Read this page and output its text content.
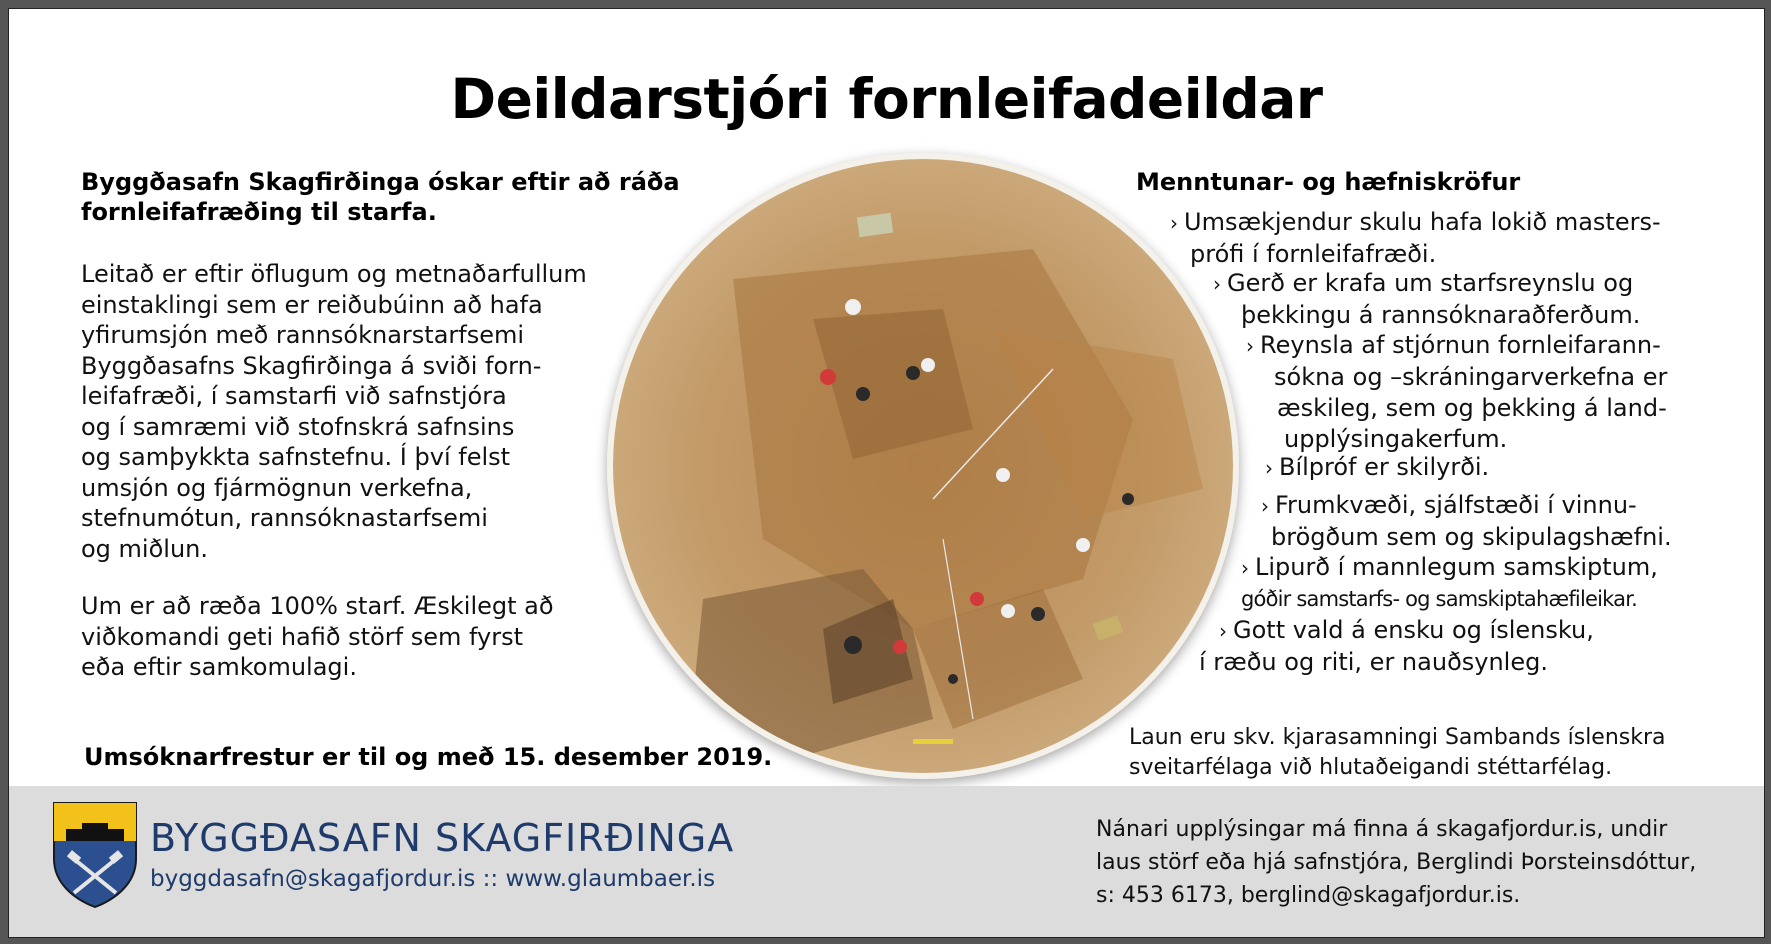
Deildarstjóri fornleifadeildar
Byggðasafn Skagfirðinga óskar eftir að ráða fornleifafræðing til starfa.
Leitað er eftir öflugum og metnaðarfullum
einstaklingi sem er reiðubúinn að hafa
yfirumsjón með rannsóknarstarfsemi
Byggðasafns Skagfirðinga á sviði forn-
leifafræði, í samstarfi við safnstjóra
og í samræmi við stofnskrá safnsins
og samþykkta safnstefnu. Í því felst
umsjón og fjármögnun verkefna,
stefnumótun, rannsóknastarfsemi
og miðlun.
Um er að ræða 100% starf. Æskilegt að
viðkomandi geti hafið störf sem fyrst
eða eftir samkomulagi.
Umsóknarfrestur er til og með 15. desember 2019.
Menntunar- og hæfniskröfur
› Umsækjendur skulu hafa lokið masters-
prófi í fornleifafræði.
› Gerð er krafa um starfsreynslu og
þekkingu á rannsóknaraðferðum.
› Reynsla af stjórnun fornleifarann-
sókna og –skráningarverkefna er
æskileg, sem og þekking á land-
upplýsingakerfum.
› Bílpróf er skilyrði.
› Frumkvæði, sjálfstæði í vinnu-
brögðum sem og skipulagshæfni.
› Lipurð í mannlegum samskiptum,
góðir samstarfs- og samskiptahæfileikar.
› Gott vald á ensku og íslensku,
í ræðu og riti, er nauðsynleg.
Laun eru skv. kjarasamningi Sambands íslenskra
sveitarfélaga við hlutaðeigandi stéttarfélag.
BYGGÐASAFN SKAGFIRÐINGA
byggdasafn@skagafjordur.is :: www.glaumbaer.is
Nánari upplýsingar má finna á skagafjordur.is, undir
laus störf eða hjá safnstjóra, Berglindi Þorsteinsdóttur,
s: 453 6173, berglind@skagafjordur.is.
